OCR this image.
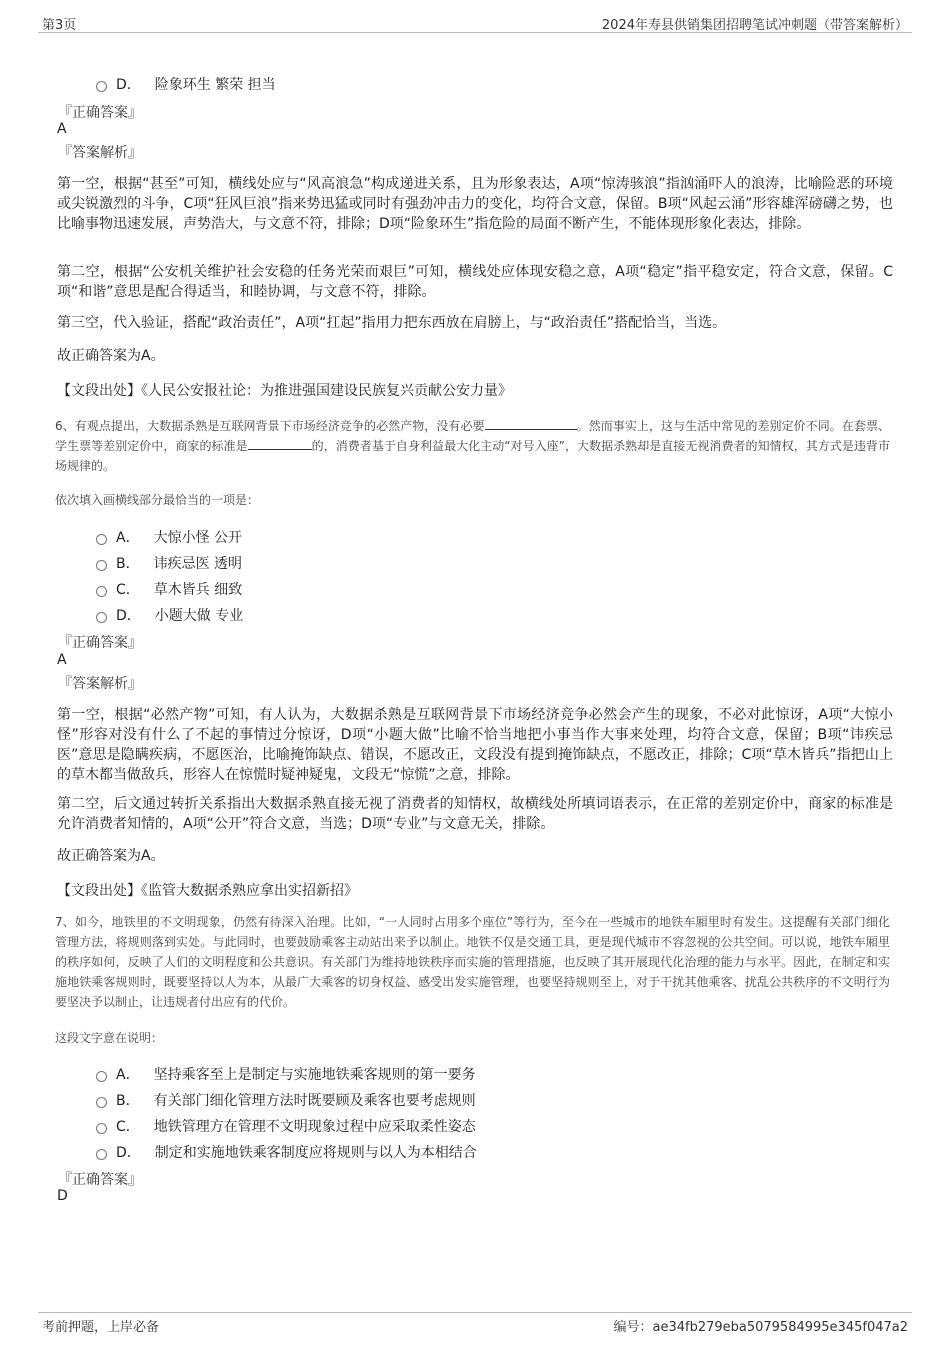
第3页	2024年寿县供销集团招聘笔试冲刺题（带答案解析）
D． 险象环生 繁荣 担当
『正确答案』
A
『答案解析』
第一空，根据“甚至”可知，横线处应与“风高浪急”构成递进关系，且为形象表达，A项“惊涛骇浪”指汹涌吓人的浪涛，比喻险恶的环境或尖锐激烈的斗争，C项“狂风巨浪”指来势迅猛或同时有强劲冲击力的变化，均符合文意，保留。B项“风起云涌”形容雄浑磅礴之势，也比喻事物迅速发展，声势浩大，与文意不符，排除；D项“险象环生”指危险的局面不断产生，不能体现形象化表达，排除。
第二空，根据“公安机关维护社会安稳的任务光荣而艰巨”可知，横线处应体现安稳之意，A项“稳定”指平稳安定，符合文意，保留。C项“和谐”意思是配合得适当，和睦协调，与文意不符，排除。
第三空，代入验证，搭配“政治责任”，A项“扛起”指用力把东西放在肩膀上，与“政治责任”搭配恰当，当选。
故正确答案为A。
【文段出处】《人民公安报社论：为推进强国建设民族复兴贡献公安力量》
6、有观点提出，大数据杀熟是互联网背景下市场经济竞争的必然产物，没有必要	。然而事实上，这与生活中常见的差别定价不同。在套票、学生票等差别定价中，商家的标准是	的，消费者基于自身利益最大化主动“对号入座”，大数据杀熟却是直接无视消费者的知情权，其方式是违背市场规律的。
依次填入画横线部分最恰当的一项是：
A． 大惊小怪 公开
B． 讳疾忌医 透明
C． 草木皆兵 细致
D． 小题大做 专业
『正确答案』
A
『答案解析』
第一空，根据“必然产物”可知，有人认为，大数据杀熟是互联网背景下市场经济竞争必然会产生的现象，不必对此惊讶，A项“大惊小怪”形容对没有什么了不起的事情过分惊讶，D项“小题大做”比喻不恰当地把小事当作大事来处理，均符合文意，保留；B项“讳疾忌医”意思是隐瞒疾病，不愿医治，比喻掩饰缺点、错误，不愿改正，文段没有提到掩饰缺点，不愿改正，排除；C项“草木皆兵”指把山上的草木都当做敌兵，形容人在惊慌时疑神疑鬼，文段无“惊慌”之意，排除。
第二空，后文通过转折关系指出大数据杀熟直接无视了消费者的知情权，故横线处所填词语表示，在正常的差别定价中，商家的标准是允许消费者知情的，A项“公开”符合文意，当选；D项“专业”与文意无关，排除。
故正确答案为A。
【文段出处】《监管大数据杀熟应拿出实招新招》
7、如今，地铁里的不文明现象，仍然有待深入治理。比如，“一人同时占用多个座位”等行为，至今在一些城市的地铁车厢里时有发生。这提醒有关部门细化管理方法，将规则落到实处。与此同时，也要鼓励乘客主动站出来予以制止。地铁不仅是交通工具，更是现代城市不容忽视的公共空间。可以说，地铁车厢里的秩序如何，反映了人们的文明程度和公共意识。有关部门为维持地铁秩序而实施的管理措施，也反映了其开展现代化治理的能力与水平。因此，在制定和实施地铁乘客规则时，既要坚持以人为本，从最广大乘客的切身权益、感受出发实施管理，也要坚持规则至上，对于干扰其他乘客、扰乱公共秩序的不文明行为要坚决予以制止，让违规者付出应有的代价。
这段文字意在说明：
A． 坚持乘客至上是制定与实施地铁乘客规则的第一要务
B． 有关部门细化管理方法时既要顾及乘客也要考虑规则
C． 地铁管理方在管理不文明现象过程中应采取柔性姿态
D． 制定和实施地铁乘客制度应将规则与以人为本相结合
『正确答案』
D
考前押题，上岸必备	编号：ae34fb279eba5079584995e345f047a2
